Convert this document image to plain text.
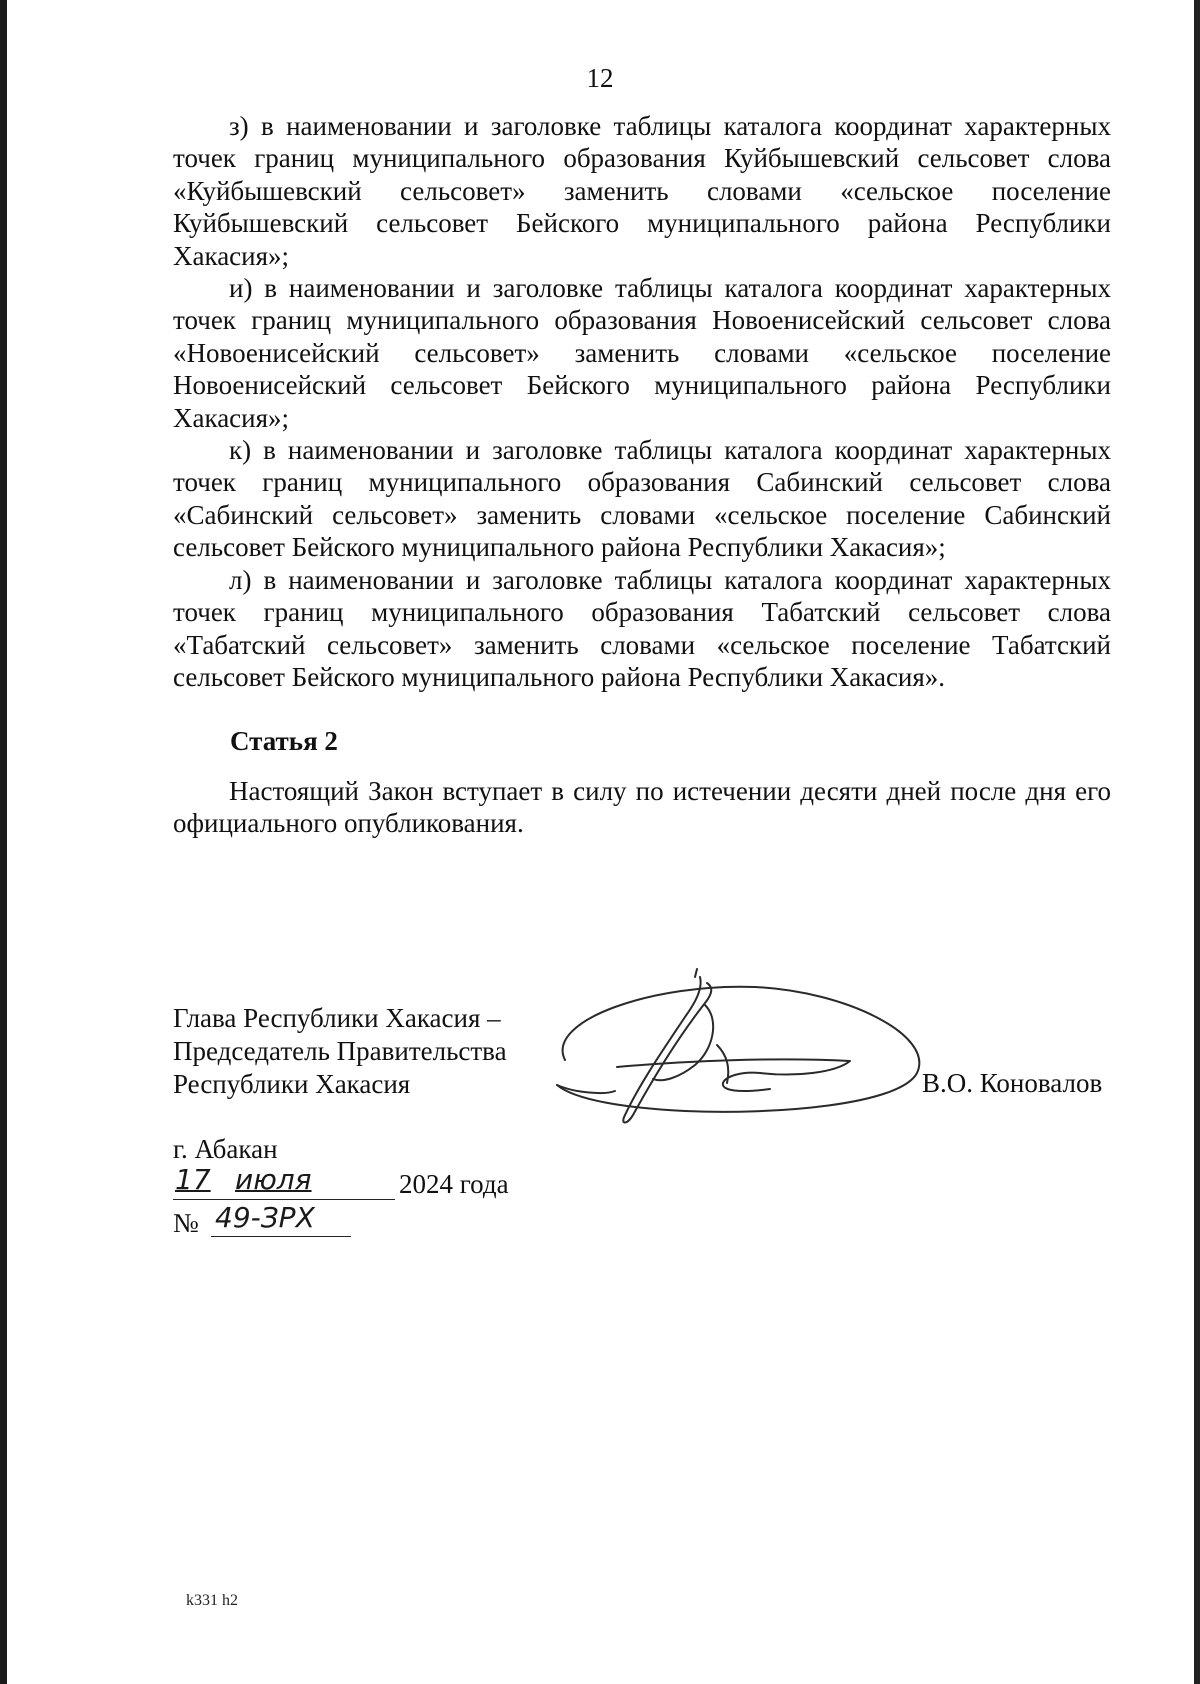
12

з) в наименовании и заголовке таблицы каталога координат характерных точек границ муниципального образования Куйбышевский сельсовет слова «Куйбышевский сельсовет» заменить словами «сельское поселение Куйбышевский сельсовет Бейского муниципального района Республики Хакасия»;

и) в наименовании и заголовке таблицы каталога координат характерных точек границ муниципального образования Новоенисейский сельсовет слова «Новоенисейский сельсовет» заменить словами «сельское поселение Новоенисейский сельсовет Бейского муниципального района Республики Хакасия»;

к) в наименовании и заголовке таблицы каталога координат характерных точек границ муниципального образования Сабинский сельсовет слова «Сабинский сельсовет» заменить словами «сельское поселение Сабинский сельсовет Бейского муниципального района Республики Хакасия»;

л) в наименовании и заголовке таблицы каталога координат характерных точек границ муниципального образования Табатский сельсовет слова «Табатский сельсовет» заменить словами «сельское поселение Табатский сельсовет Бейского муниципального района Республики Хакасия».

Статья 2

Настоящий Закон вступает в силу по истечении десяти дней после дня его официального опубликования.

Глава Республики Хакасия –
Председатель Правительства
Республики Хакасия	В.О. Коновалов
г. Абакан
17 июля	2024 года
№ 49-ЗРХ
k331 h2
